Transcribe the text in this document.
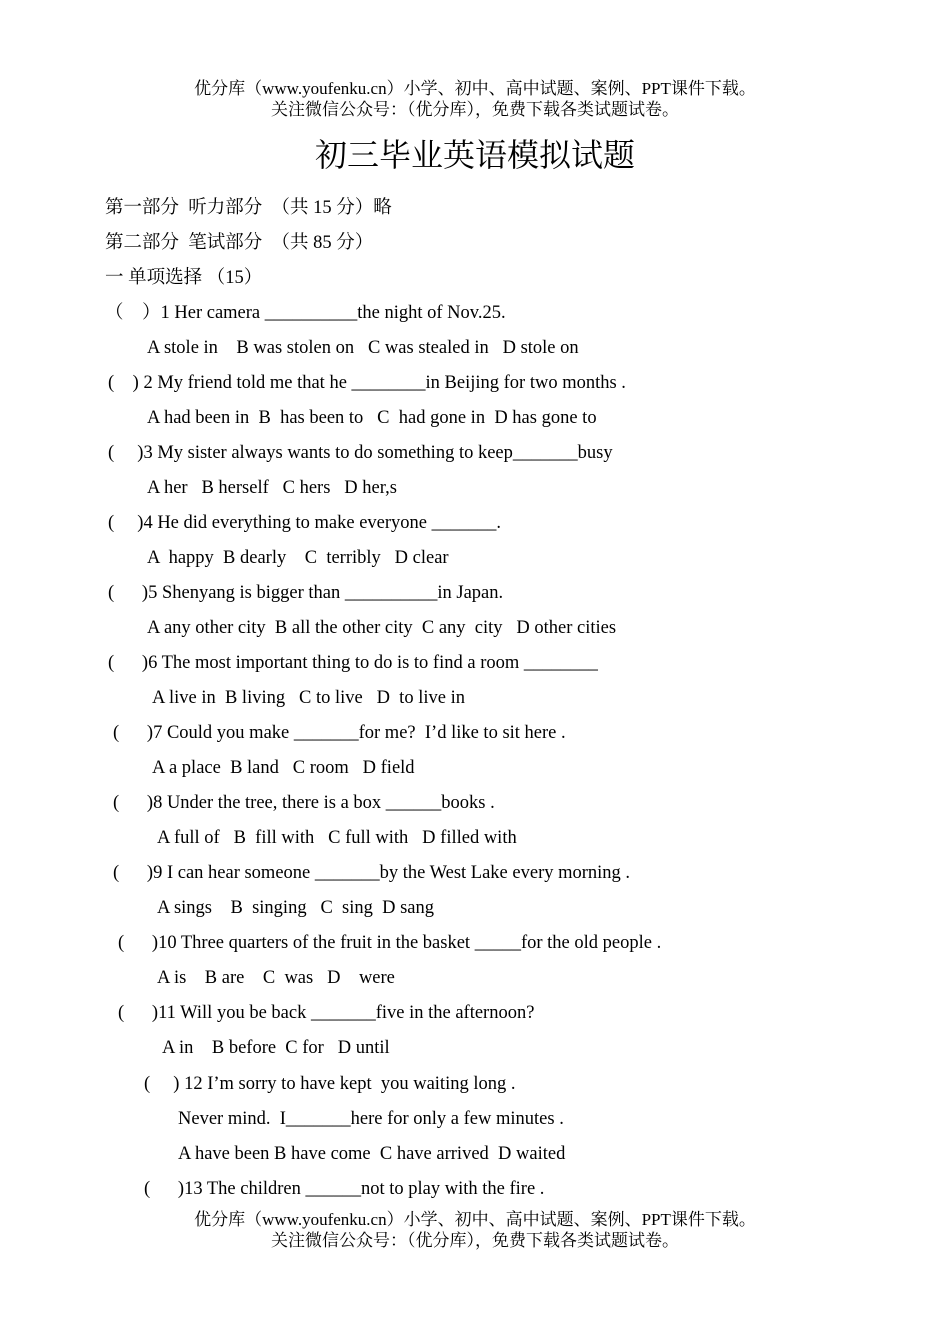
优分库（www.youfenku.cn）小学、初中、高中试题、案例、PPT课件下载。
关注微信公众号：（优分库），免费下载各类试题试卷。
初三毕业英语模拟试题
第一部分  听力部分  （共 15 分）略
第二部分  笔试部分  （共 85 分）
一 单项选择 （15）
（    ）1 Her camera __________the night of Nov.25.
A stole in    B was stolen on   C was stealed in   D stole on
(    ) 2 My friend told me that he ________in Beijing for two months .
A had been in  B  has been to   C  had gone in  D has gone to
(     )3 My sister always wants to do something to keep_______busy
A her   B herself   C hers   D her,s
(     )4 He did everything to make everyone _______.
A  happy  B dearly    C  terribly   D clear
(      )5 Shenyang is bigger than __________in Japan.
A any other city  B all the other city  C any  city   D other cities
(      )6 The most important thing to do is to find a room ________
A live in  B living   C to live   D  to live in
(      )7 Could you make _______for me?  I’d like to sit here .
A a place  B land   C room   D field
(      )8 Under the tree, there is a box ______books .
A full of   B  fill with   C full with   D filled with
(      )9 I can hear someone _______by the West Lake every morning .
A sings    B  singing   C  sing  D sang
(      )10 Three quarters of the fruit in the basket _____for the old people .
A is    B are    C  was   D    were
(      )11 Will you be back _______five in the afternoon?
A in    B before  C for   D until
(     ) 12 I’m sorry to have kept  you waiting long .
Never mind.  I_______here for only a few minutes .
A have been B have come  C have arrived  D waited
(      )13 The children ______not to play with the fire .
优分库（www.youfenku.cn）小学、初中、高中试题、案例、PPT课件下载。
关注微信公众号：（优分库），免费下载各类试题试卷。
